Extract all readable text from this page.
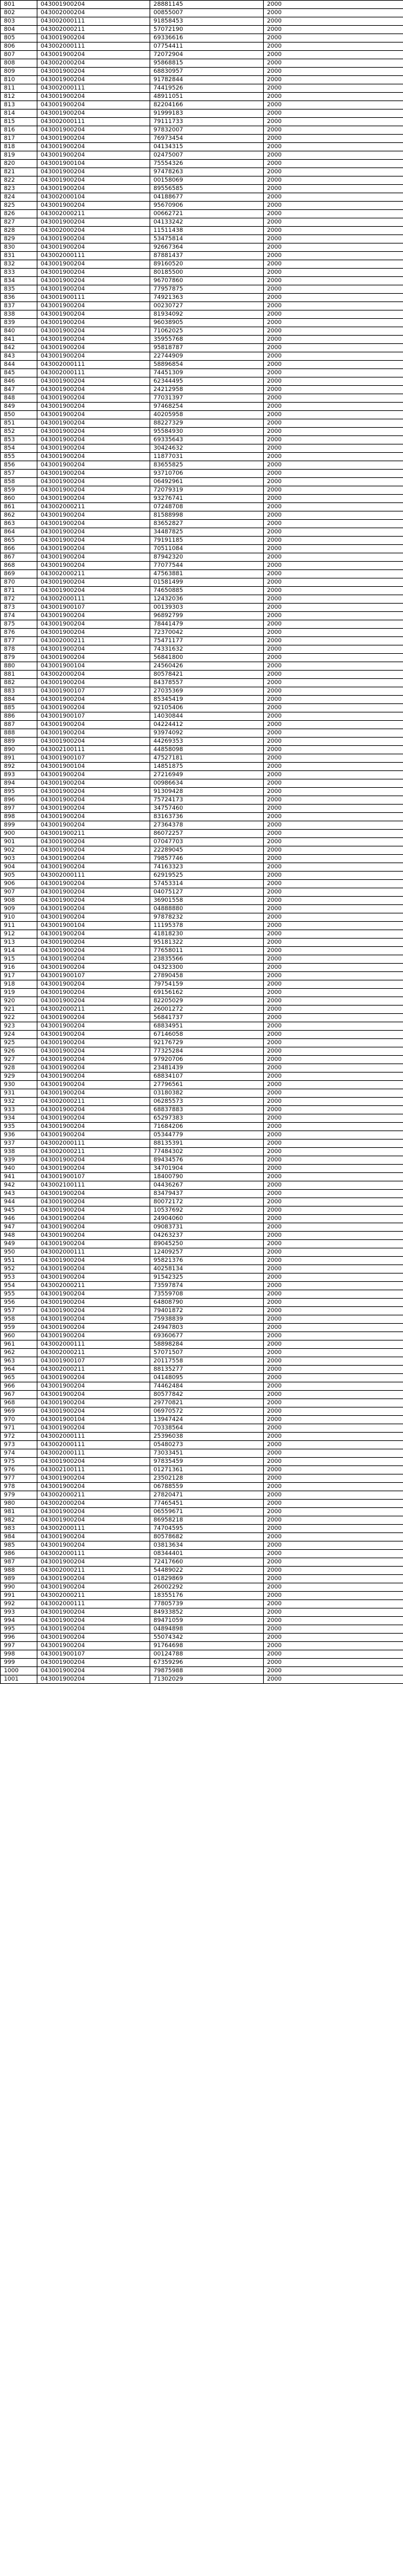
801	043001900204	28881145	2000
802	043002000204	00855007	2000
803	043002000111	91858453	2000
804	043002000211	57072190	2000
805	043001900204	69336616	2000
806	043002000111	07754411	2000
807	043001900204	72072904	2000
808	043002000204	95868815	2000
809	043001900204	68830957	2000
810	043001900204	91782844	2000
811	043002000111	74419526	2000
812	043001900204	48911051	2000
813	043001900204	82204166	2000
814	043001900204	91999183	2000
815	043002000111	79111733	2000
816	043001900204	97832007	2000
817	043001900204	76973454	2000
818	043001900204	04134315	2000
819	043001900204	02475007	2000
820	043001900104	75554326	2000
821	043001900204	97478263	2000
822	043001900204	00158069	2000
823	043001900204	89556585	2000
824	043002000104	04188677	2000
825	043001900204	95670906	2000
826	043002000211	00662721	2000
827	043001900204	04133242	2000
828	043002000204	11511438	2000
829	043001900204	53475814	2000
830	043001900204	92667364	2000
831	043002000111	87881437	2000
832	043001900204	89160520	2000
833	043001900204	80185500	2000
834	043001900204	96707860	2000
835	043001900204	77957875	2000
836	043001900111	74921363	2000
837	043001900204	00230727	2000
838	043001900204	81934092	2000
839	043001900204	96038905	2000
840	043001900204	71062025	2000
841	043001900204	35955768	2000
842	043001900204	95818787	2000
843	043001900204	22744909	2000
844	043002000111	58896854	2000
845	043002000111	74451309	2000
846	043001900204	62344495	2000
847	043001900204	24212958	2000
848	043001900204	77031397	2000
849	043001900204	97468254	2000
850	043001900204	40205958	2000
851	043001900204	88227329	2000
852	043001900204	95584930	2000
853	043001900204	69335643	2000
854	043001900204	30424632	2000
855	043001900204	11877031	2000
856	043001900204	83655825	2000
857	043001900204	93710706	2000
858	043001900204	06492961	2000
859	043001900204	72079319	2000
860	043001900204	93276741	2000
861	043002000211	07248708	2000
862	043001900204	81588998	2000
863	043001900204	83652827	2000
864	043001900204	34487825	2000
865	043001900204	79191185	2000
866	043001900204	70511084	2000
867	043001900204	87942320	2000
868	043001900204	77077544	2000
869	043002000211	47563881	2000
870	043001900204	01581499	2000
871	043001900204	74650885	2000
872	043002000111	12432036	2000
873	043001900107	00139303	2000
874	043001900204	96892799	2000
875	043001900204	78441479	2000
876	043001900204	72370042	2000
877	043002000211	75471177	2000
878	043001900204	74331632	2000
879	043001900204	56841800	2000
880	043001900104	24560426	2000
881	043002000204	80578421	2000
882	043001900204	84378557	2000
883	043001900107	27035369	2000
884	043001900204	85345419	2000
885	043001900204	92105406	2000
886	043001900107	14030844	2000
887	043001900204	04224412	2000
888	043001900204	93974092	2000
889	043001900204	44269353	2000
890	043002100111	44858098	2000
891	043001900107	47527181	2000
892	043001900104	14851875	2000
893	043001900204	27216949	2000
894	043001900204	00986634	2000
895	043001900204	91309428	2000
896	043001900204	75724173	2000
897	043001900204	34757460	2000
898	043001900204	83163736	2000
899	043001900204	27364378	2000
900	043001900211	86072257	2000
901	043001900204	07047703	2000
902	043001900204	22289045	2000
903	043001900204	79857746	2000
904	043001900204	74163323	2000
905	043002000111	62919525	2000
906	043001900204	57453314	2000
907	043001900204	04075127	2000
908	043001900204	36901558	2000
909	043001900204	04888880	2000
910	043001900204	97878232	2000
911	043001900104	11195378	2000
912	043001900204	41818230	2000
913	043001900204	95181322	2000
914	043001900204	77658011	2000
915	043001900204	23835566	2000
916	043001900204	04323300	2000
917	043001900107	27890458	2000
918	043001900204	79754159	2000
919	043001900204	69156162	2000
920	043001900204	82205029	2000
921	043002000211	26001272	2000
922	043001900204	56841737	2000
923	043001900204	68834951	2000
924	043001900204	67146058	2000
925	043001900204	92176729	2000
926	043001900204	77325284	2000
927	043001900204	97920706	2000
928	043001900204	23481439	2000
929	043001900204	68834107	2000
930	043001900204	27796561	2000
931	043001900204	03180382	2000
932	043002000211	06285573	2000
933	043001900204	68837883	2000
934	043001900204	65297383	2000
935	043001900204	71684206	2000
936	043001900204	05344779	2000
937	043002000111	88135391	2000
938	043002000211	77484302	2000
939	043001900204	89434576	2000
940	043001900204	34701904	2000
941	043001900107	18400790	2000
942	043002100111	04436267	2000
943	043001900204	83479437	2000
944	043001900204	80072172	2000
945	043001900204	10537692	2000
946	043001900204	24904060	2000
947	043001900204	09083731	2000
948	043001900204	04263237	2000
949	043001900204	89045250	2000
950	043002000111	12409257	2000
951	043001900204	95821376	2000
952	043001900204	40258134	2000
953	043001900204	91542325	2000
954	043002000211	73597874	2000
955	043001900204	73559708	2000
956	043001900204	64808790	2000
957	043001900204	79401872	2000
958	043001900204	75938839	2000
959	043001900204	24947803	2000
960	043001900204	69360677	2000
961	043002000111	58898284	2000
962	043002000211	57071507	2000
963	043001900107	20117558	2000
964	043002000211	88135277	2000
965	043001900204	04148095	2000
966	043001900204	74462484	2000
967	043001900204	80577842	2000
968	043001900204	29770821	2000
969	043001900204	06970572	2000
970	043001900104	13947424	2000
971	043001900204	70338564	2000
972	043002000111	25396038	2000
973	043002000111	05480273	2000
974	043002000111	73033451	2000
975	043001900204	97835459	2000
976	043002100111	01271361	2000
977	043001900204	23502128	2000
978	043001900204	06788559	2000
979	043002000211	27820471	2000
980	043002000204	77465451	2000
981	043001900204	06559671	2000
982	043001900204	86958218	2000
983	043002000111	74704595	2000
984	043001900204	80578682	2000
985	043001900204	03813634	2000
986	043002000111	08344401	2000
987	043001900204	72417660	2000
988	043002000211	54489022	2000
989	043001900204	01829869	2000
990	043001900204	26002292	2000
991	043002000211	18355176	2000
992	043002000111	77805739	2000
993	043001900204	84933852	2000
994	043001900204	89471059	2000
995	043001900204	04894898	2000
996	043001900204	55074342	2000
997	043001900204	91764698	2000
998	043001900107	00124788	2000
999	043001900204	67359296	2000
1000	043001900204	79875988	2000
1001	043001900204	71302029	2000
